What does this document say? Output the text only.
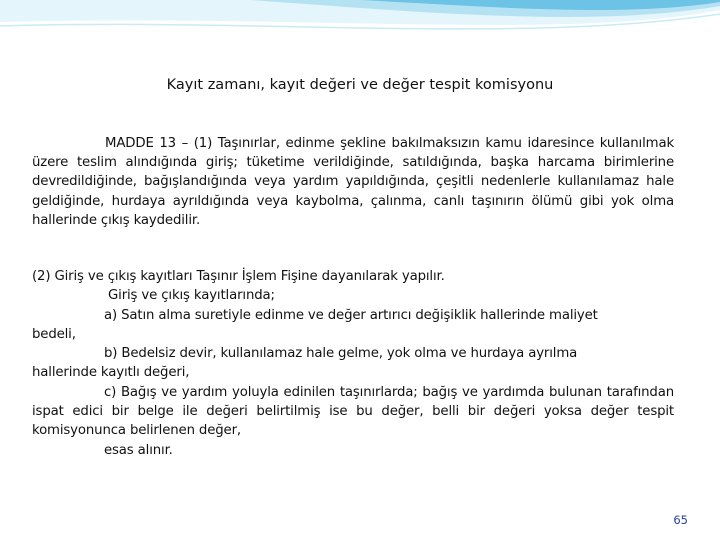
Kayıt zamanı, kayıt değeri ve değer tespit komisyonu
MADDE 13 – (1) Taşınırlar, edinme şekline bakılmaksızın kamu idaresince kullanılmak üzere teslim alındığında giriş; tüketime verildiğinde, satıldığında, başka harcama birimlerine devredildiğinde, bağışlandığında veya yardım yapıldığında, çeşitli nedenlerle kullanılamaz hale geldiğinde, hurdaya ayrıldığında veya kaybolma, çalınma, canlı taşınırın ölümü gibi yok olma hallerinde çıkış kaydedilir.
(2) Giriş ve çıkış kayıtları Taşınır İşlem Fişine dayanılarak yapılır.
Giriş ve çıkış kayıtlarında;
a) Satın alma suretiyle edinme ve değer artırıcı değişiklik hallerinde maliyet
bedeli,
b) Bedelsiz devir, kullanılamaz hale gelme, yok olma ve hurdaya ayrılma
hallerinde kayıtlı değeri,
c) Bağış ve yardım yoluyla edinilen taşınırlarda; bağış ve yardımda bulunan tarafından ispat edici bir belge ile değeri belirtilmiş ise bu değer, belli bir değeri yoksa değer tespit komisyonunca belirlenen değer,
esas alınır.
65
